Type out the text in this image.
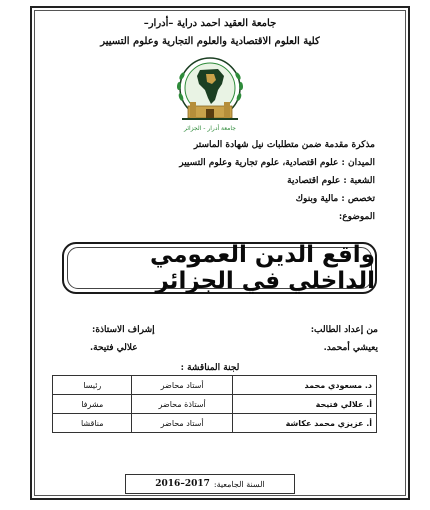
جامعة العقيد احمد دراية –أدرار–
كلية العلوم الاقتصادية والعلوم التجارية وعلوم التسيير
جامعة أدرار - الجزائر
مذكرة مقدمة ضمن متطلبات نيل شهادة الماستر
الميدان : علوم اقتصادية، علوم تجارية وعلوم التسيير
الشعبة : علوم اقتصادية
تخصص : مالية وبنوك
الموضوع:
واقع الدين العمومي الداخلي في الجزائر
من إعداد الطالب:
يعيشي أمحمد.
إشراف الاستاذة:
علالي فتيحة.
لجنة المناقشة :
د. مسعودي محمد	أستاد محاضر	رئيسا
أ. علالي فتيحة	أستاذة محاضر	مشرفا
أ. عزيزي محمد عكاشة	أستاد محاضر	مناقشا
السنة الجامعية:
2016–2017
